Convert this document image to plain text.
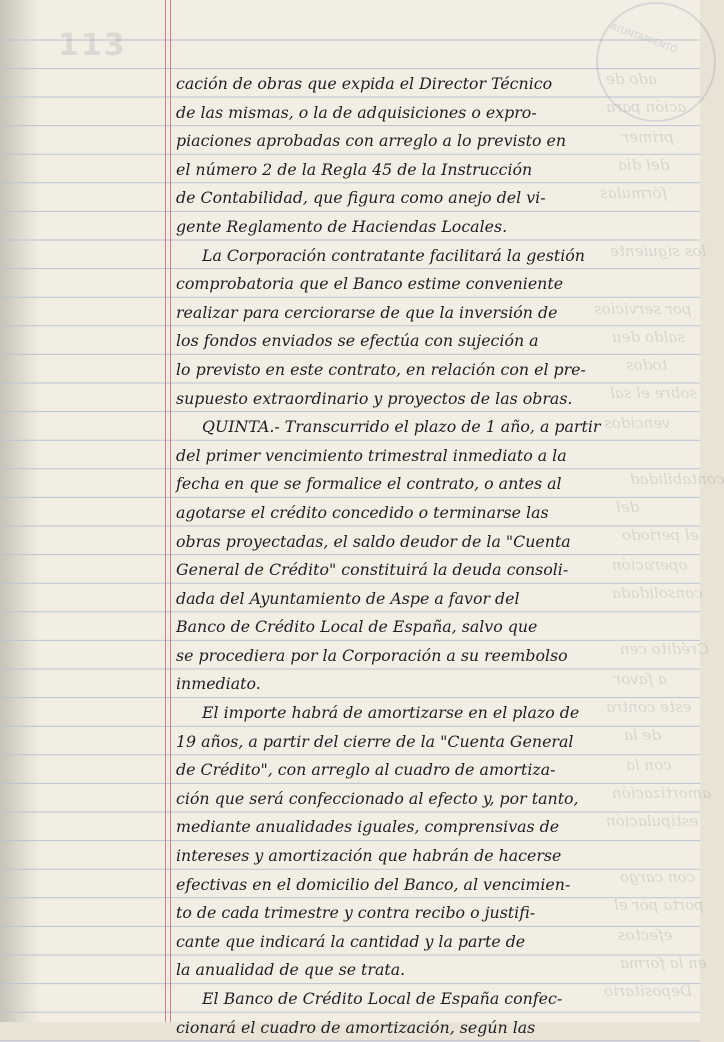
113	AYUNTAMIENTO
ado de
ación para
primer
del día
fórmulas
los siguiente
por servicios
saldo deu
todos
sobre el sal
vencidos
contabilidad
del
el periodo
operación
consolidada
Crédito cen
a favor
este contra
de la
con la
amortización
estipulación
con cargo
porta por el
efectos
en la forma
Depositario
cación de obras que expida el Director Técnico
de las mismas, o la de adquisiciones o expro-
piaciones aprobadas con arreglo a lo previsto en
el número 2 de la Regla 45 de la Instrucción
de Contabilidad, que figura como anejo del vi-
gente Reglamento de Haciendas Locales.
La Corporación contratante facilitará la gestión
comprobatoria que el Banco estime conveniente
realizar para cerciorarse de que la inversión de
los fondos enviados se efectúa con sujeción a
lo previsto en este contrato, en relación con el pre-
supuesto extraordinario y proyectos de las obras.
QUINTA.- Transcurrido el plazo de 1 año, a partir
del primer vencimiento trimestral inmediato a la
fecha en que se formalice el contrato, o antes al
agotarse el crédito concedido o terminarse las
obras proyectadas, el saldo deudor de la "Cuenta
General de Crédito" constituirá la deuda consoli-
dada del Ayuntamiento de Aspe a favor del
Banco de Crédito Local de España, salvo que
se procediera por la Corporación a su reembolso
inmediato.
El importe habrá de amortizarse en el plazo de
19 años, a partir del cierre de la "Cuenta General
de Crédito", con arreglo al cuadro de amortiza-
ción que será confeccionado al efecto y, por tanto,
mediante anualidades iguales, comprensivas de
intereses y amortización que habrán de hacerse
efectivas en el domicilio del Banco, al vencimien-
to de cada trimestre y contra recibo o justifi-
cante que indicará la cantidad y la parte de
la anualidad de que se trata.
El Banco de Crédito Local de España confec-
cionará el cuadro de amortización, según las
